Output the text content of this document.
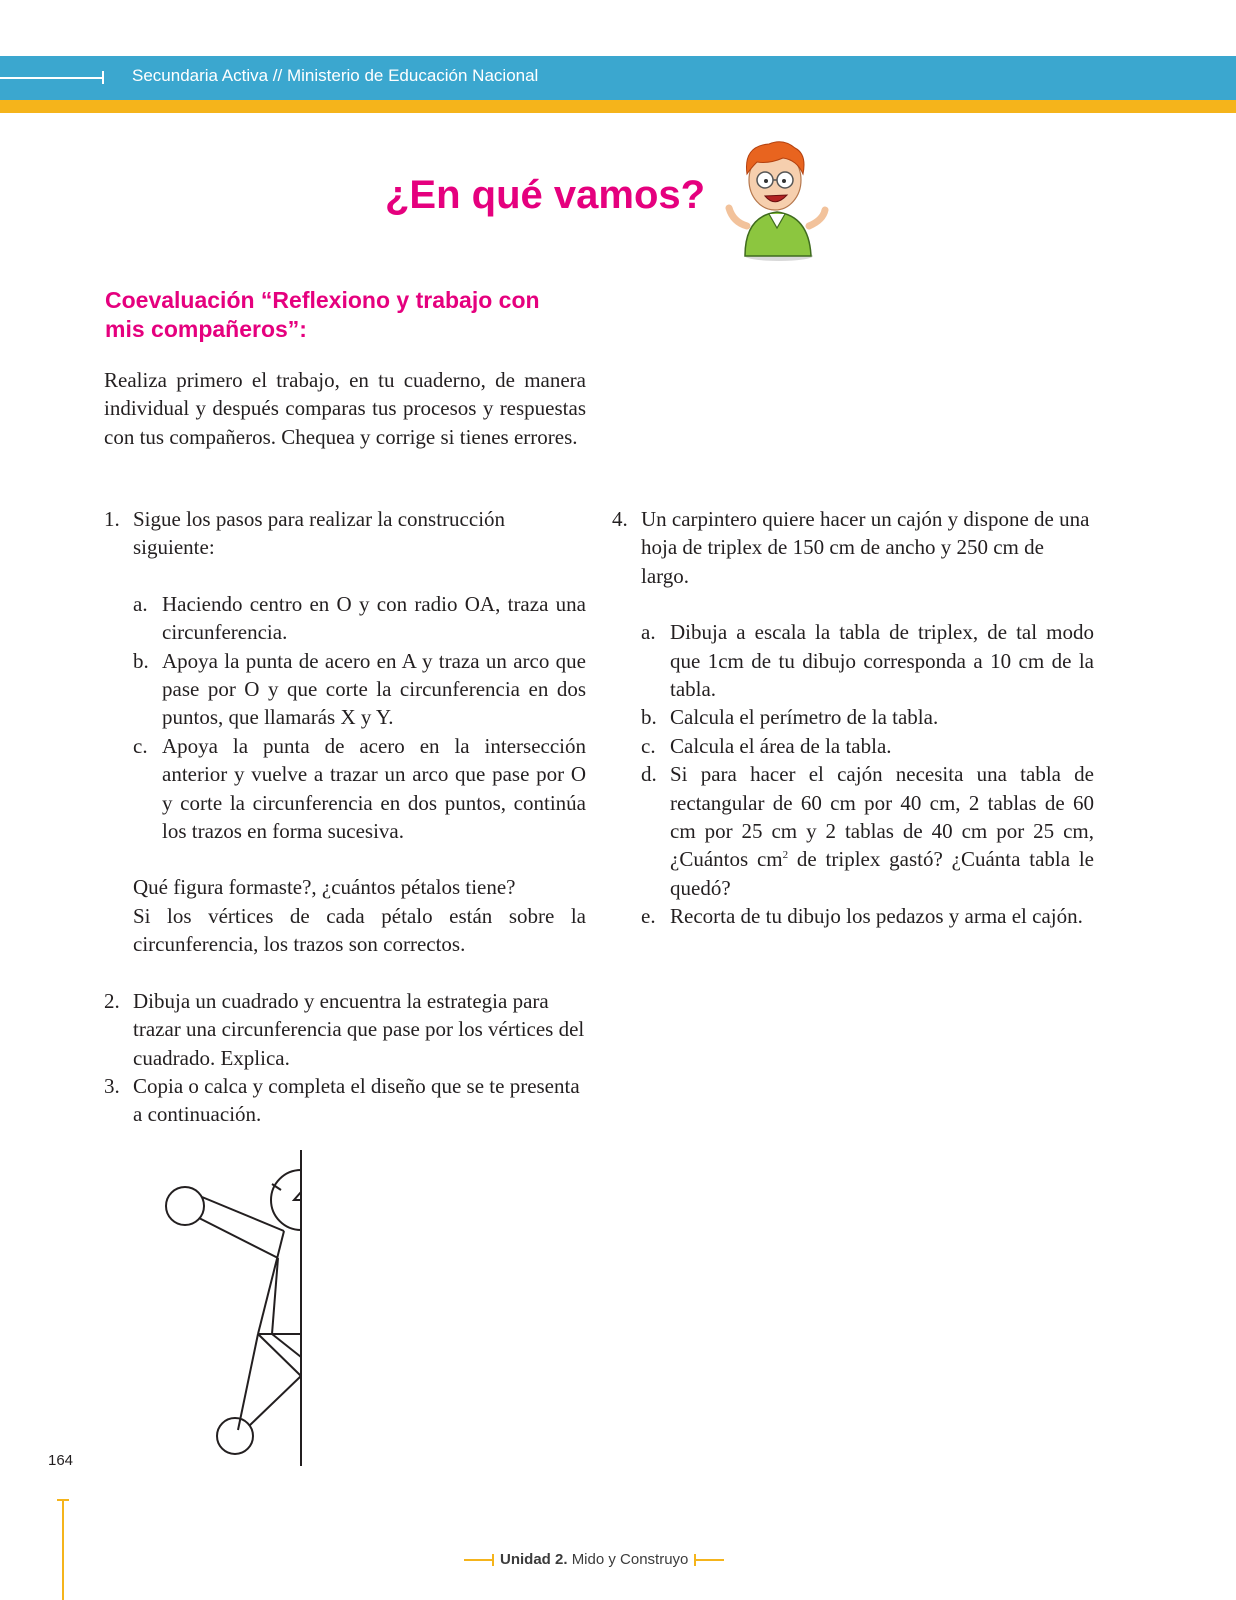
Secundaria Activa // Ministerio de Educación Nacional
¿En qué vamos?
Coevaluación “Reflexiono y trabajo con mis compañeros”:

Realiza primero el trabajo, en tu cuaderno, de manera individual y después comparas tus procesos y respuestas con tus compañeros. Chequea y corrige si tienes errores.

1. Sigue los pasos para realizar la construcción siguiente:
a. Haciendo centro en O y con radio OA, traza una circunferencia.
b. Apoya la punta de acero en A y traza un arco que pase por O y que corte la circunferencia en dos puntos, que llamarás X y Y.
c. Apoya la punta de acero en la intersección anterior y vuelve a trazar un arco que pase por O y corte la circunferencia en dos puntos, continúa los trazos en forma sucesiva.
Qué figura formaste?, ¿cuántos pétalos tiene?
Si los vértices de cada pétalo están sobre la circunferencia, los trazos son correctos.
2. Dibuja un cuadrado y encuentra la estrategia para trazar una circunferencia que pase por los vértices del cuadrado. Explica.
3. Copia o calca y completa el diseño que se te presenta a continuación.
4. Un carpintero quiere hacer un cajón y dispone de una hoja de triplex de 150 cm de ancho y 250 cm de largo.
a. Dibuja a escala la tabla de triplex, de tal modo que 1cm de tu dibujo corresponda a 10 cm de la tabla.
b. Calcula el perímetro de la tabla.
c. Calcula el área de la tabla.
d. Si para hacer el cajón necesita una tabla de rectangular de 60 cm por 40 cm, 2 tablas de 60 cm por 25 cm y 2 tablas de 40 cm por 25 cm, ¿Cuántos $cm^2$ de triplex gastó? ¿Cuánta tabla le quedó?
e. Recorta de tu dibujo los pedazos y arma el cajón.
164
Unidad 2. Mido y Construyo
